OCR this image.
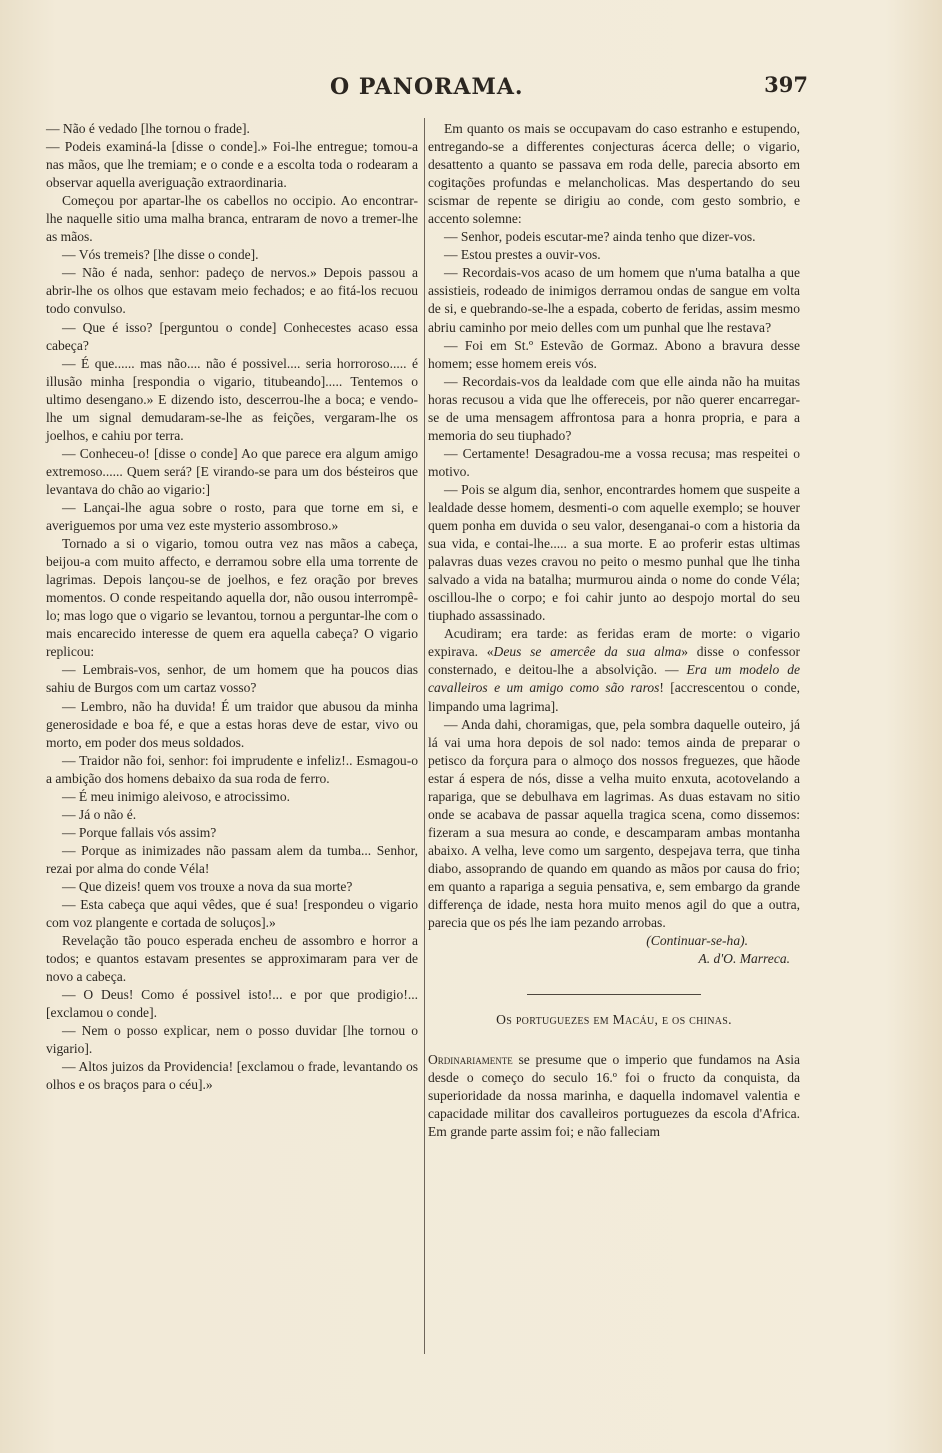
O PANORAMA.	397

— Não é vedado [lhe tornou o frade].

— Podeis examiná-la [disse o conde].» Foi-lhe entregue; tomou-a nas mãos, que lhe tremiam; e o conde e a escolta toda o rodearam a observar aquella averiguação extraordinaria.

Começou por apartar-lhe os cabellos no occipio. Ao encontrar-lhe naquelle sitio uma malha branca, entraram de novo a tremer-lhe as mãos.

— Vós tremeis? [lhe disse o conde].

— Não é nada, senhor: padeço de nervos.» Depois passou a abrir-lhe os olhos que estavam meio fechados; e ao fitá-los recuou todo convulso.

— Que é isso? [perguntou o conde] Conhecestes acaso essa cabeça?

— É que...... mas não.... não é possivel.... seria horroroso..... é illusão minha [respondia o vigario, titubeando]..... Tentemos o ultimo desengano.» E dizendo isto, descerrou-lhe a boca; e vendo-lhe um signal demudaram-se-lhe as feições, vergaram-lhe os joelhos, e cahiu por terra.

— Conheceu-o! [disse o conde] Ao que parece era algum amigo extremoso...... Quem será? [E virando-se para um dos bésteiros que levantava do chão ao vigario:]

— Lançai-lhe agua sobre o rosto, para que torne em si, e averiguemos por uma vez este mysterio assombroso.»

Tornado a si o vigario, tomou outra vez nas mãos a cabeça, beijou-a com muito affecto, e derramou sobre ella uma torrente de lagrimas. Depois lançou-se de joelhos, e fez oração por breves momentos. O conde respeitando aquella dor, não ousou interrompê-lo; mas logo que o vigario se levantou, tornou a perguntar-lhe com o mais encarecido interesse de quem era aquella cabeça? O vigario replicou:

— Lembrais-vos, senhor, de um homem que ha poucos dias sahiu de Burgos com um cartaz vosso?

— Lembro, não ha duvida! É um traidor que abusou da minha generosidade e boa fé, e que a estas horas deve de estar, vivo ou morto, em poder dos meus soldados.

— Traidor não foi, senhor: foi imprudente e infeliz!.. Esmagou-o a ambição dos homens debaixo da sua roda de ferro.

— É meu inimigo aleivoso, e atrocissimo.

— Já o não é.

— Porque fallais vós assim?

— Porque as inimizades não passam alem da tumba... Senhor, rezai por alma do conde Véla!

— Que dizeis! quem vos trouxe a nova da sua morte?

— Esta cabeça que aqui vêdes, que é sua! [respondeu o vigario com voz plangente e cortada de soluços].»

Revelação tão pouco esperada encheu de assombro e horror a todos; e quantos estavam presentes se approximaram para ver de novo a cabeça.

— O Deus! Como é possivel isto!... e por que prodigio!... [exclamou o conde].

— Nem o posso explicar, nem o posso duvidar [lhe tornou o vigario].

— Altos juizos da Providencia! [exclamou o frade, levantando os olhos e os braços para o céu].»

Em quanto os mais se occupavam do caso estranho e estupendo, entregando-se a differentes conjecturas ácerca delle; o vigario, desattento a quanto se passava em roda delle, parecia absorto em cogitações profundas e melancholicas. Mas despertando do seu scismar de repente se dirigiu ao conde, com gesto sombrio, e accento solemne:

— Senhor, podeis escutar-me? ainda tenho que dizer-vos.

— Estou prestes a ouvir-vos.

— Recordais-vos acaso de um homem que n'uma batalha a que assistieis, rodeado de inimigos derramou ondas de sangue em volta de si, e quebrando-se-lhe a espada, coberto de feridas, assim mesmo abriu caminho por meio delles com um punhal que lhe restava?

— Foi em St.º Estevão de Gormaz. Abono a bravura desse homem; esse homem ereis vós.

— Recordais-vos da lealdade com que elle ainda não ha muitas horas recusou a vida que lhe offereceis, por não querer encarregar-se de uma mensagem affrontosa para a honra propria, e para a memoria do seu tiuphado?

— Certamente! Desagradou-me a vossa recusa; mas respeitei o motivo.

— Pois se algum dia, senhor, encontrardes homem que suspeite a lealdade desse homem, desmenti-o com aquelle exemplo; se houver quem ponha em duvida o seu valor, desenganai-o com a historia da sua vida, e contai-lhe..... a sua morte. E ao proferir estas ultimas palavras duas vezes cravou no peito o mesmo punhal que lhe tinha salvado a vida na batalha; murmurou ainda o nome do conde Véla; oscillou-lhe o corpo; e foi cahir junto ao despojo mortal do seu tiuphado assassinado.

Acudiram; era tarde: as feridas eram de morte: o vigario expirava. «Deus se amercêe da sua alma» disse o confessor consternado, e deitou-lhe a absolvição. — Era um modelo de cavalleiros e um amigo como são raros! [accrescentou o conde, limpando uma lagrima].

— Anda dahi, choramigas, que, pela sombra daquelle outeiro, já lá vai uma hora depois de sol nado: temos ainda de preparar o petisco da forçura para o almoço dos nossos freguezes, que hãode estar á espera de nós, disse a velha muito enxuta, acotovelando a rapariga, que se debulhava em lagrimas. As duas estavam no sitio onde se acabava de passar aquella tragica scena, como dissemos: fizeram a sua mesura ao conde, e descamparam ambas montanha abaixo. A velha, leve como um sargento, despejava terra, que tinha diabo, assoprando de quando em quando as mãos por causa do frio; em quanto a rapariga a seguia pensativa, e, sem embargo da grande differença de idade, nesta hora muito menos agil do que a outra, parecia que os pés lhe iam pezando arrobas.

(Continuar-se-ha).
A. d'O. Marreca.
Os portuguezes em Macáu, e os chinas.

Ordinariamente se presume que o imperio que fundamos na Asia desde o começo do seculo 16.º foi o fructo da conquista, da superioridade da nossa marinha, e daquella indomavel valentia e capacidade militar dos cavalleiros portuguezes da escola d'Africa. Em grande parte assim foi; e não falleciam
